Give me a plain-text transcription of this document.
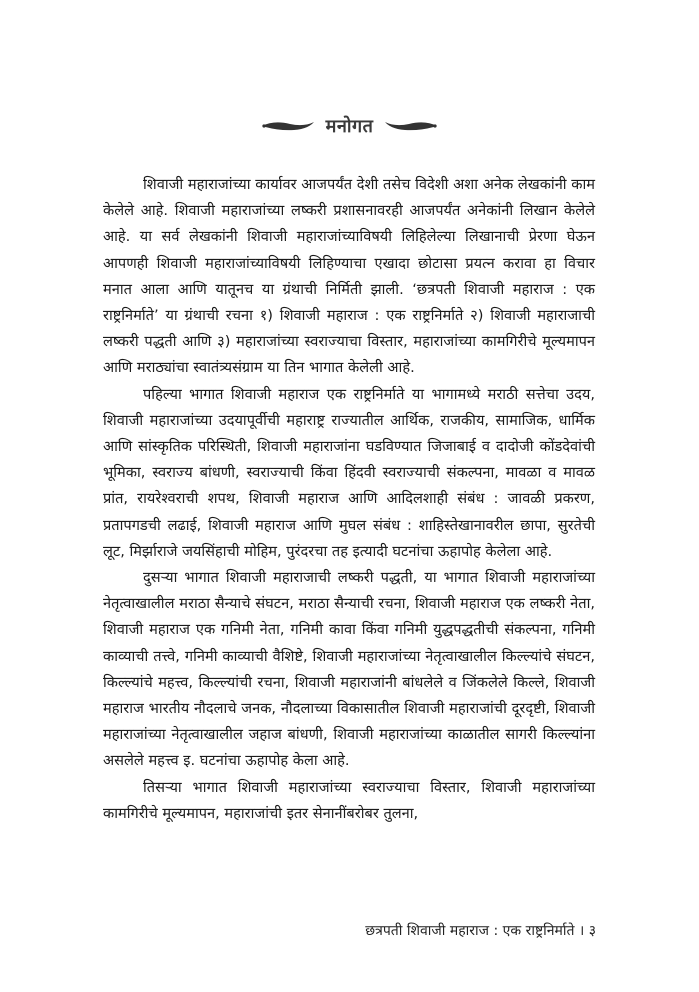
मनोगत

शिवाजी महाराजांच्या कार्यावर आजपर्यंत देशी तसेच विदेशी अशा अनेक लेखकांनी काम केलेले आहे. शिवाजी महाराजांच्या लष्करी प्रशासनावरही आजपर्यंत अनेकांनी लिखान केलेले आहे. या सर्व लेखकांनी शिवाजी महाराजांच्याविषयी लिहिलेल्या लिखानाची प्रेरणा घेऊन आपणही शिवाजी महाराजांच्याविषयी लिहिण्याचा एखादा छोटासा प्रयत्न करावा हा विचार मनात आला आणि यातूनच या ग्रंथाची निर्मिती झाली. ‘छत्रपती शिवाजी महाराज : एक राष्ट्रनिर्माते’ या ग्रंथाची रचना १) शिवाजी महाराज : एक राष्ट्रनिर्माते २) शिवाजी महाराजाची लष्करी पद्धती आणि ३) महाराजांच्या स्वराज्याचा विस्तार, महाराजांच्या कामगिरीचे मूल्यमापन आणि मराठ्यांचा स्वातंत्र्यसंग्राम या तिन भागात केलेली आहे.

पहिल्या भागात शिवाजी महाराज एक राष्ट्रनिर्माते या भागामध्ये मराठी सत्तेचा उदय, शिवाजी महाराजांच्या उदयापूर्वीची महाराष्ट्र राज्यातील आर्थिक, राजकीय, सामाजिक, धार्मिक आणि सांस्कृतिक परिस्थिती, शिवाजी महाराजांना घडविण्यात जिजाबाई व दादोजी कोंडदेवांची भूमिका, स्वराज्य बांधणी, स्वराज्याची किंवा हिंदवी स्वराज्याची संकल्पना, मावळा व मावळ प्रांत, रायरेश्वराची शपथ, शिवाजी महाराज आणि आदिलशाही संबंध : जावळी प्रकरण, प्रतापगडची लढाई, शिवाजी महाराज आणि मुघल संबंध : शाहिस्तेखानावरील छापा, सुरतेची लूट, मिर्झाराजे जयसिंहाची मोहिम, पुरंदरचा तह इत्यादी घटनांचा ऊहापोह केलेला आहे.

दुसऱ्या भागात शिवाजी महाराजाची लष्करी पद्धती, या भागात शिवाजी महाराजांच्या नेतृत्वाखालील मराठा सैन्याचे संघटन, मराठा सैन्याची रचना, शिवाजी महाराज एक लष्करी नेता, शिवाजी महाराज एक गनिमी नेता, गनिमी कावा किंवा गनिमी युद्धपद्धतीची संकल्पना, गनिमी काव्याची तत्त्वे, गनिमी काव्याची वैशिष्टे, शिवाजी महाराजांच्या नेतृत्वाखालील किल्ल्यांचे संघटन, किल्ल्यांचे महत्त्व, किल्ल्यांची रचना, शिवाजी महाराजांनी बांधलेले व जिंकलेले किल्ले, शिवाजी महाराज भारतीय नौदलाचे जनक, नौदलाच्या विकासातील शिवाजी महाराजांची दूरदृष्टी, शिवाजी महाराजांच्या नेतृत्वाखालील जहाज बांधणी, शिवाजी महाराजांच्या काळातील सागरी किल्ल्यांना असलेले महत्त्व इ. घटनांचा ऊहापोह केला आहे.

तिसऱ्या भागात शिवाजी महाराजांच्या स्वराज्याचा विस्तार, शिवाजी महाराजांच्या कामगिरीचे मूल्यमापन, महाराजांची इतर सेनानींबरोबर तुलना,

छत्रपती शिवाजी महाराज : एक राष्ट्रनिर्माते । ३
